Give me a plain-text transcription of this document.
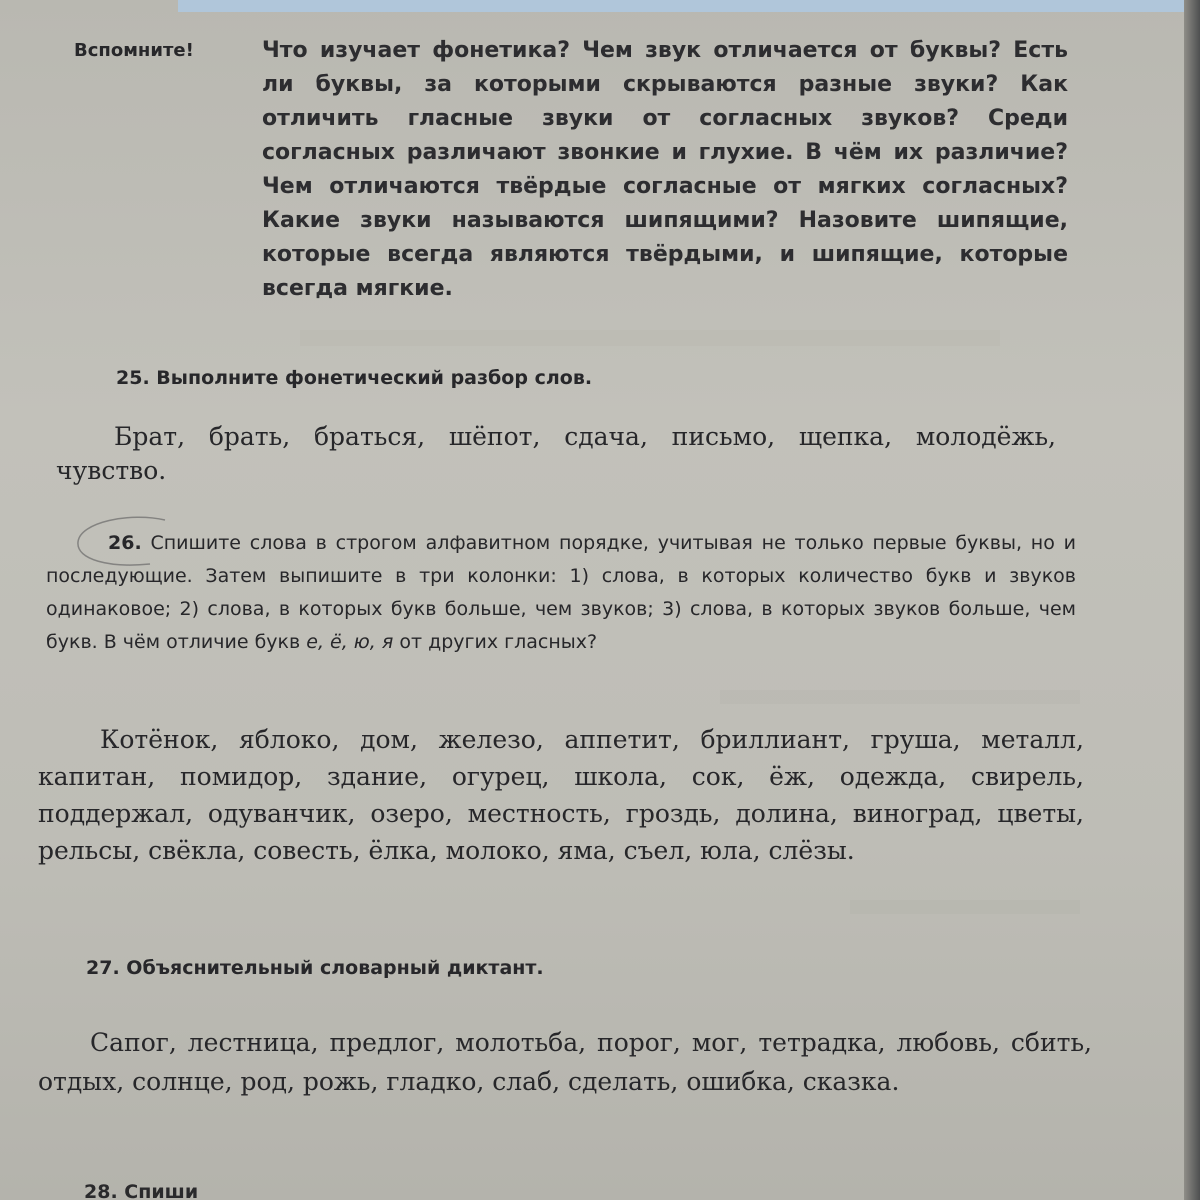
Вспомните!	Что изучает фонетика? Чем звук отличается от буквы? Есть ли буквы, за которыми скрываются разные звуки? Как отличить гласные звуки от согласных звуков? Среди согласных различают звонкие и глухие. В чём их различие? Чем отличаются твёрдые согласные от мягких согласных? Какие звуки называются шипящими? Назовите шипящие, которые всегда являются твёрдыми, и шипящие, которые всегда мягкие.
25. Выполните фонетический разбор слов.
Брат, брать, браться, шёпот, сдача, письмо, щепка, молодёжь, чувство.
26. Спишите слова в строгом алфавитном порядке, учитывая не только первые буквы, но и последующие. Затем выпишите в три колонки: 1) слова, в которых количество букв и звуков одинаковое; 2) слова, в которых букв больше, чем звуков; 3) слова, в которых звуков больше, чем букв. В чём отличие букв е, ё, ю, я от других гласных?
Котёнок, яблоко, дом, железо, аппетит, бриллиант, груша, металл, капитан, помидор, здание, огурец, школа, сок, ёж, одежда, свирель, поддержал, одуванчик, озеро, местность, гроздь, долина, виноград, цветы, рельсы, свёкла, совесть, ёлка, молоко, яма, съел, юла, слёзы.
27. Объяснительный словарный диктант.
Сапог, лестница, предлог, молотьба, порог, мог, тетрадка, любовь, сбить, отдых, солнце, род, рожь, гладко, слаб, сделать, ошибка, сказка.
28. Спиши
